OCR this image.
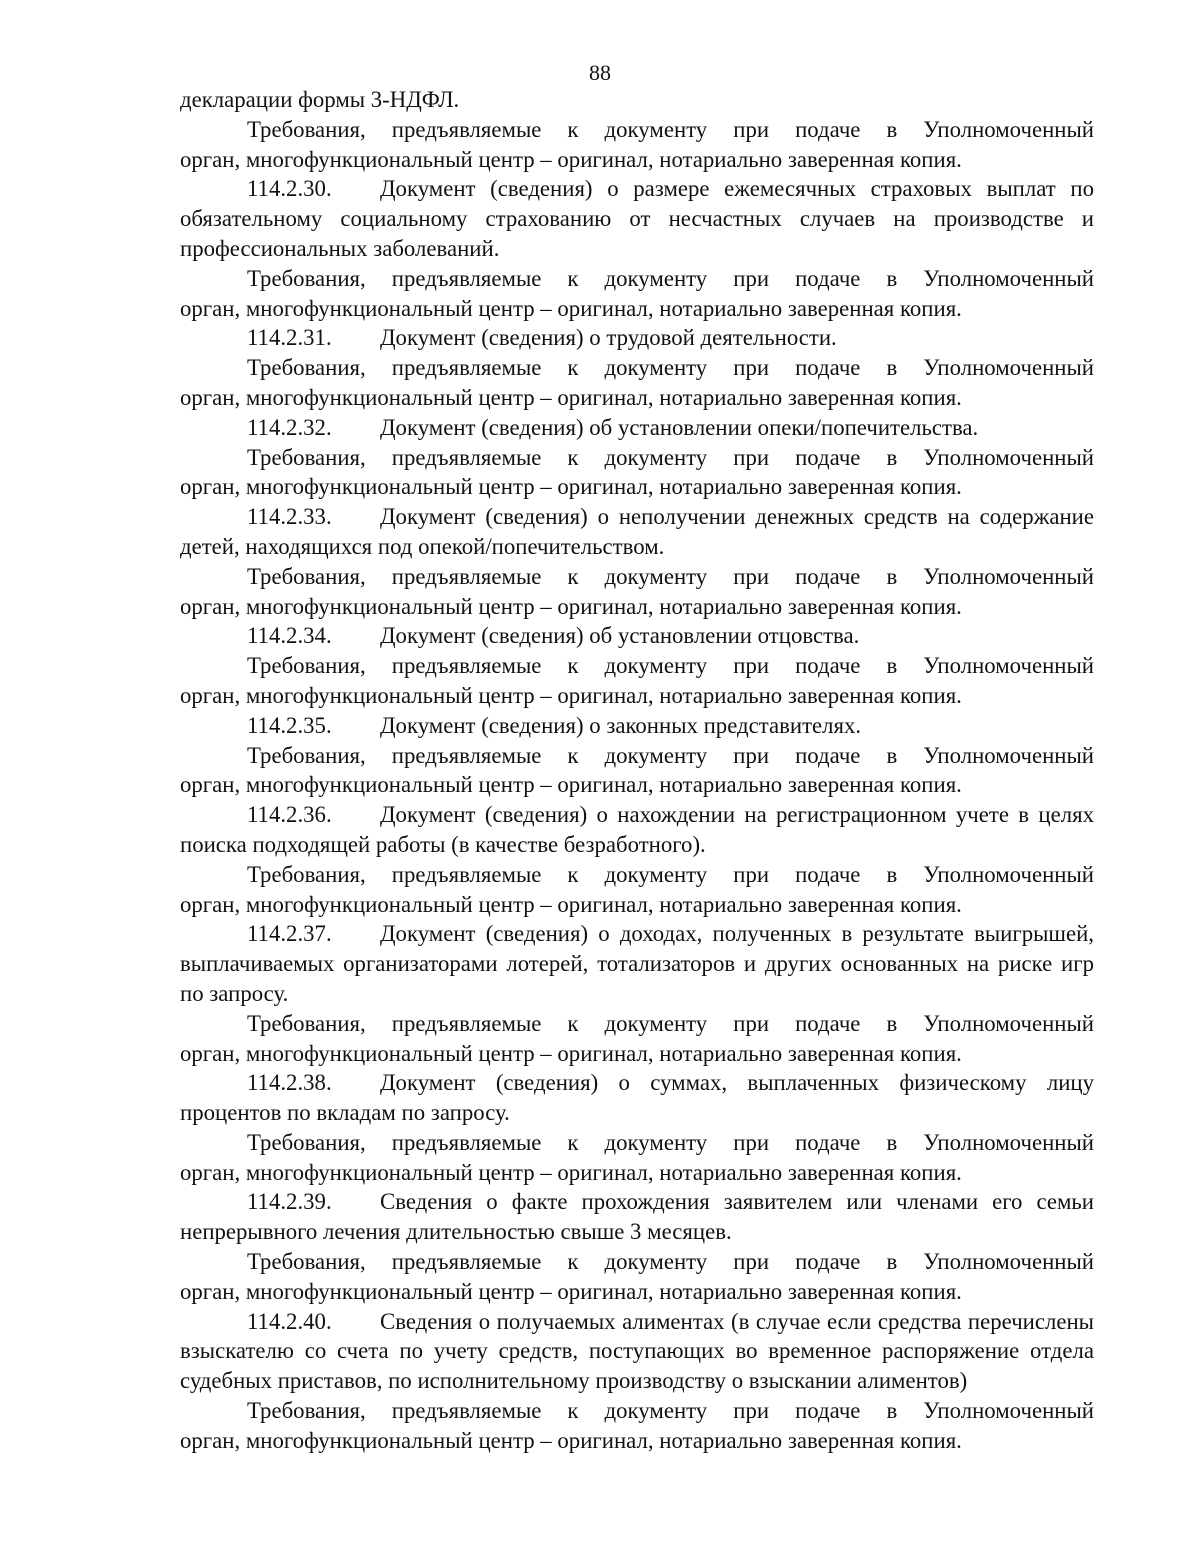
88

декларации формы 3-НДФЛ.

Требования, предъявляемые к документу при подаче в Уполномоченный
орган, многофункциональный центр – оригинал, нотариально заверенная копия.

114.2.30. Документ (сведения) о размере ежемесячных страховых выплат по обязательному социальному страхованию от несчастных случаев на производстве и профессиональных заболеваний.

Требования, предъявляемые к документу при подаче в Уполномоченный
орган, многофункциональный центр – оригинал, нотариально заверенная копия.

114.2.31. Документ (сведения) о трудовой деятельности.

Требования, предъявляемые к документу при подаче в Уполномоченный
орган, многофункциональный центр – оригинал, нотариально заверенная копия.

114.2.32. Документ (сведения) об установлении опеки/попечительства.

Требования, предъявляемые к документу при подаче в Уполномоченный
орган, многофункциональный центр – оригинал, нотариально заверенная копия.

114.2.33. Документ (сведения) о неполучении денежных средств на содержание детей, находящихся под опекой/попечительством.

Требования, предъявляемые к документу при подаче в Уполномоченный
орган, многофункциональный центр – оригинал, нотариально заверенная копия.

114.2.34. Документ (сведения) об установлении отцовства.

Требования, предъявляемые к документу при подаче в Уполномоченный
орган, многофункциональный центр – оригинал, нотариально заверенная копия.

114.2.35. Документ (сведения) о законных представителях.

Требования, предъявляемые к документу при подаче в Уполномоченный
орган, многофункциональный центр – оригинал, нотариально заверенная копия.

114.2.36. Документ (сведения) о нахождении на регистрационном учете в целях поиска подходящей работы (в качестве безработного).

Требования, предъявляемые к документу при подаче в Уполномоченный
орган, многофункциональный центр – оригинал, нотариально заверенная копия.

114.2.37. Документ (сведения) о доходах, полученных в результате выигрышей, выплачиваемых организаторами лотерей, тотализаторов и других основанных на риске игр по запросу.

Требования, предъявляемые к документу при подаче в Уполномоченный
орган, многофункциональный центр – оригинал, нотариально заверенная копия.

114.2.38. Документ (сведения) о суммах, выплаченных физическому лицу процентов по вкладам по запросу.

Требования, предъявляемые к документу при подаче в Уполномоченный
орган, многофункциональный центр – оригинал, нотариально заверенная копия.

114.2.39. Сведения о факте прохождения заявителем или членами его семьи непрерывного лечения длительностью свыше 3 месяцев.

Требования, предъявляемые к документу при подаче в Уполномоченный
орган, многофункциональный центр – оригинал, нотариально заверенная копия.

114.2.40. Сведения о получаемых алиментах (в случае если средства перечислены взыскателю со счета по учету средств, поступающих во временное распоряжение отдела судебных приставов, по исполнительному производству о взыскании алиментов)

Требования, предъявляемые к документу при подаче в Уполномоченный
орган, многофункциональный центр – оригинал, нотариально заверенная копия.
